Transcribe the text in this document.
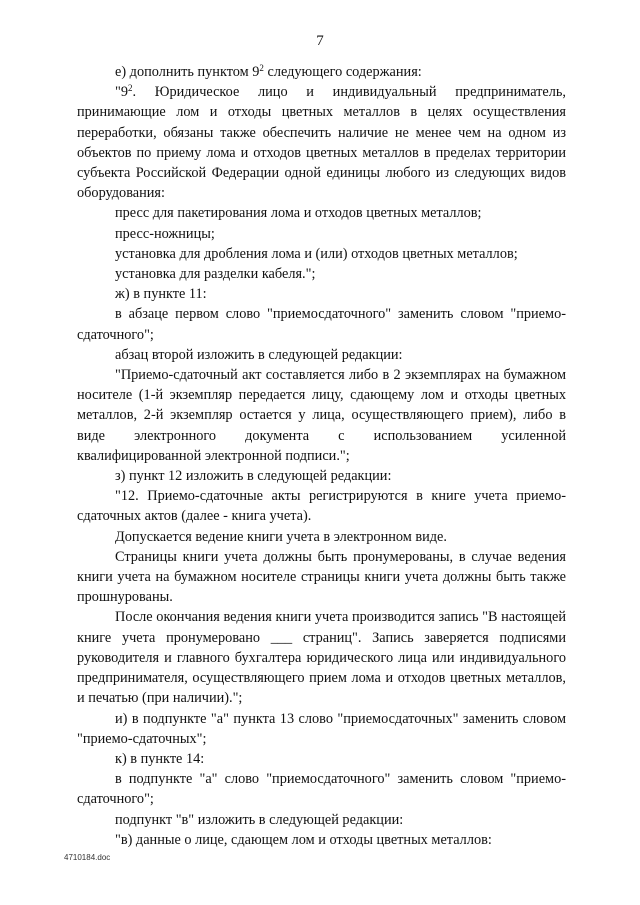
7

е) дополнить пунктом $9^2$ следующего содержания:

"$9^2$. Юридическое лицо и индивидуальный предприниматель, принимающие лом и отходы цветных металлов в целях осуществления переработки, обязаны также обеспечить наличие не менее чем на одном из объектов по приему лома и отходов цветных металлов в пределах территории субъекта Российской Федерации одной единицы любого из следующих видов оборудования:

пресс для пакетирования лома и отходов цветных металлов;

пресс-ножницы;

установка для дробления лома и (или) отходов цветных металлов;

установка для разделки кабеля.";

ж) в пункте 11:

в абзаце первом слово "приемосдаточного" заменить словом "приемо-сдаточного";

абзац второй изложить в следующей редакции:

"Приемо-сдаточный акт составляется либо в 2 экземплярах на бумажном носителе (1-й экземпляр передается лицу, сдающему лом и отходы цветных металлов, 2-й экземпляр остается у лица, осуществляющего прием), либо в виде электронного документа с использованием усиленной квалифицированной электронной подписи.";

з) пункт 12 изложить в следующей редакции:

"12. Приемо-сдаточные акты регистрируются в книге учета приемо-сдаточных актов (далее - книга учета).

Допускается ведение книги учета в электронном виде.

Страницы книги учета должны быть пронумерованы, в случае ведения книги учета на бумажном носителе страницы книги учета должны быть также прошнурованы.

После окончания ведения книги учета производится запись "В настоящей книге учета пронумеровано ___ страниц". Запись заверяется подписями руководителя и главного бухгалтера юридического лица или индивидуального предпринимателя, осуществляющего прием лома и отходов цветных металлов, и печатью (при наличии).";

и) в подпункте "а" пункта 13 слово "приемосдаточных" заменить словом "приемо-сдаточных";

к) в пункте 14:

в подпункте "а" слово "приемосдаточного" заменить словом "приемо-сдаточного";

подпункт "в" изложить в следующей редакции:

"в) данные о лице, сдающем лом и отходы цветных металлов:

4710184.doc
